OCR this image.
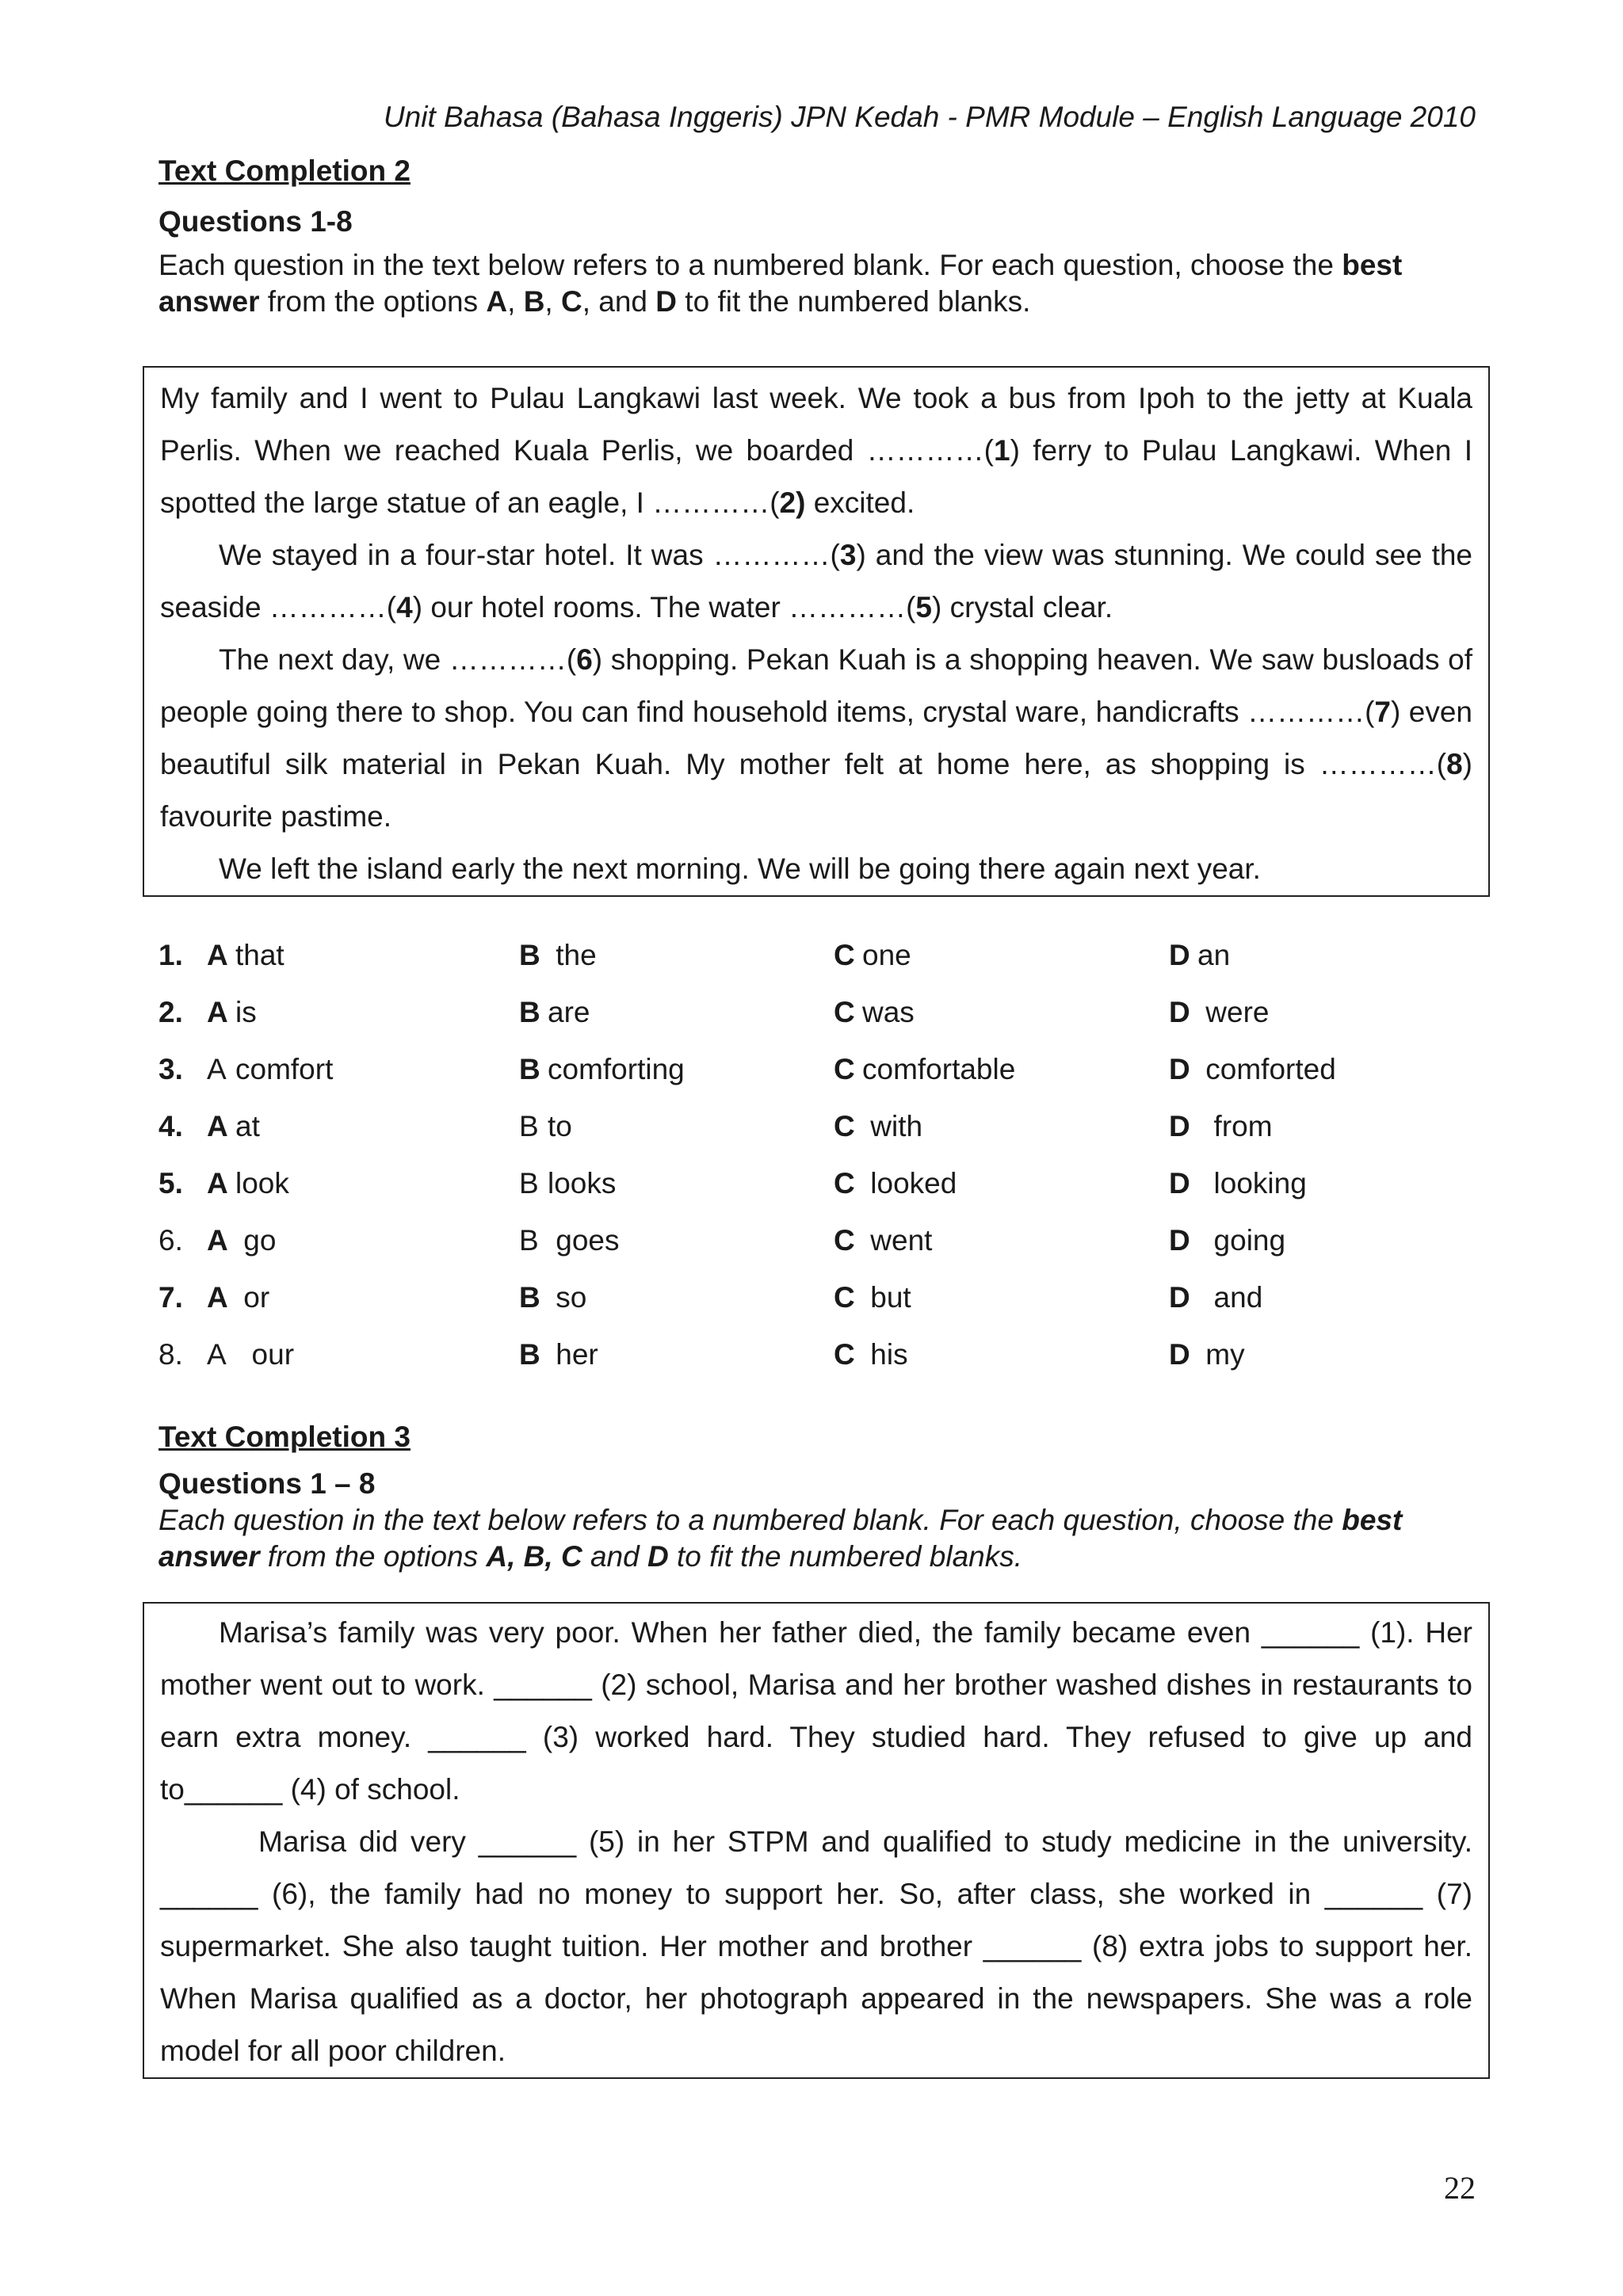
Unit Bahasa (Bahasa Inggeris) JPN Kedah - PMR Module – English Language 2010

Text Completion 2

Questions 1-8

Each question in the text below refers to a numbered blank. For each question, choose the best answer from the options A, B, C, and D to fit the numbered blanks.

My family and I went to Pulau Langkawi last week. We took a bus from Ipoh to the jetty at Kuala Perlis. When we reached Kuala Perlis, we boarded …………(1) ferry to Pulau Langkawi. When I spotted the large statue of an eagle, I …………(2) excited.

We stayed in a four-star hotel. It was …………(3) and the view was stunning. We could see the seaside …………(4) our hotel rooms. The water …………(5) crystal clear.

The next day, we …………(6) shopping. Pekan Kuah is a shopping heaven. We saw busloads of people going there to shop. You can find household items, crystal ware, handicrafts …………(7) even beautiful silk material in Pekan Kuah. My mother felt at home here, as shopping is …………(8) favourite pastime.

We left the island early the next morning. We will be going there again next year.

1. A that	B the	C one	D an
2. A is	B are	C was	D were
3. A comfort	B comforting	C comfortable	D comforted
4. A at	B to	C with	D  from
5. A look	B looks	C looked	D  looking
6. A go	B goes	C went	D  going
7. A or	B so	C but	D  and
8. A  our	B her	C his	D my

Text Completion 3

Questions 1 – 8

Each question in the text below refers to a numbered blank. For each question, choose the best answer from the options A, B, C and D to fit the numbered blanks.

Marisa’s family was very poor. When her father died, the family became even ______ (1). Her mother went out to work. ______ (2) school, Marisa and her brother washed dishes in restaurants to earn extra money. ______ (3) worked hard. They studied hard. They refused to give up and to______ (4) of school.

Marisa did very ______ (5) in her STPM and qualified to study medicine in the university. ______ (6), the family had no money to support her. So, after class, she worked in ______ (7) supermarket. She also taught tuition. Her mother and brother ______ (8) extra jobs to support her. When Marisa qualified as a doctor, her photograph appeared in the newspapers. She was a role model for all poor children.

22
